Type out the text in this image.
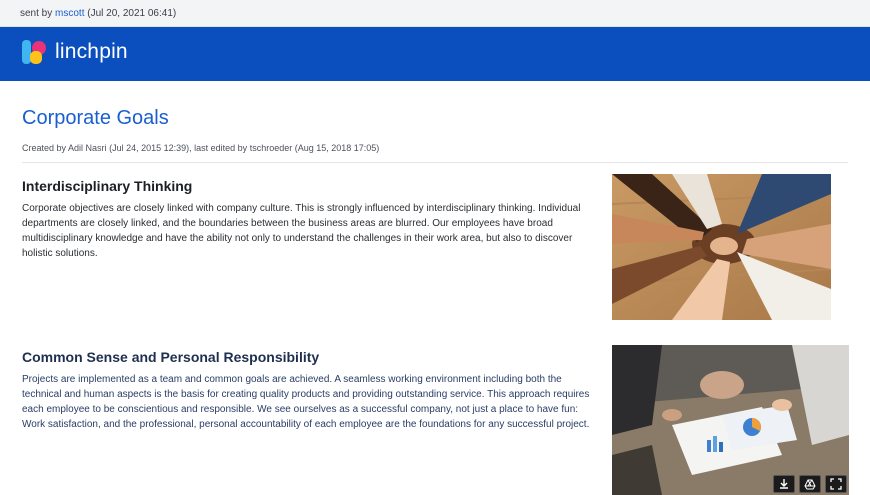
sent by mscott (Jul 20, 2021 06:41)
linchpin
Corporate Goals
Created by Adil Nasri (Jul 24, 2015 12:39), last edited by tschroeder (Aug 15, 2018 17:05)
Interdisciplinary Thinking

Corporate objectives are closely linked with company culture. This is strongly influenced by interdisciplinary thinking. Individual departments are closely linked, and the boundaries between the business areas are blurred. Our employees have broad multidisciplinary knowledge and have the ability not only to understand the challenges in their work area, but also to discover holistic solutions.

Common Sense and Personal Responsibility

Projects are implemented as a team and common goals are achieved. A seamless working environment including both the technical and human aspects is the basis for creating quality products and providing outstanding service. This approach requires each employee to be conscientious and responsible. We see ourselves as a successful company, not just a place to have fun: Work satisfaction, and the professional, personal accountability of each employee are the foundations for any successful project.
